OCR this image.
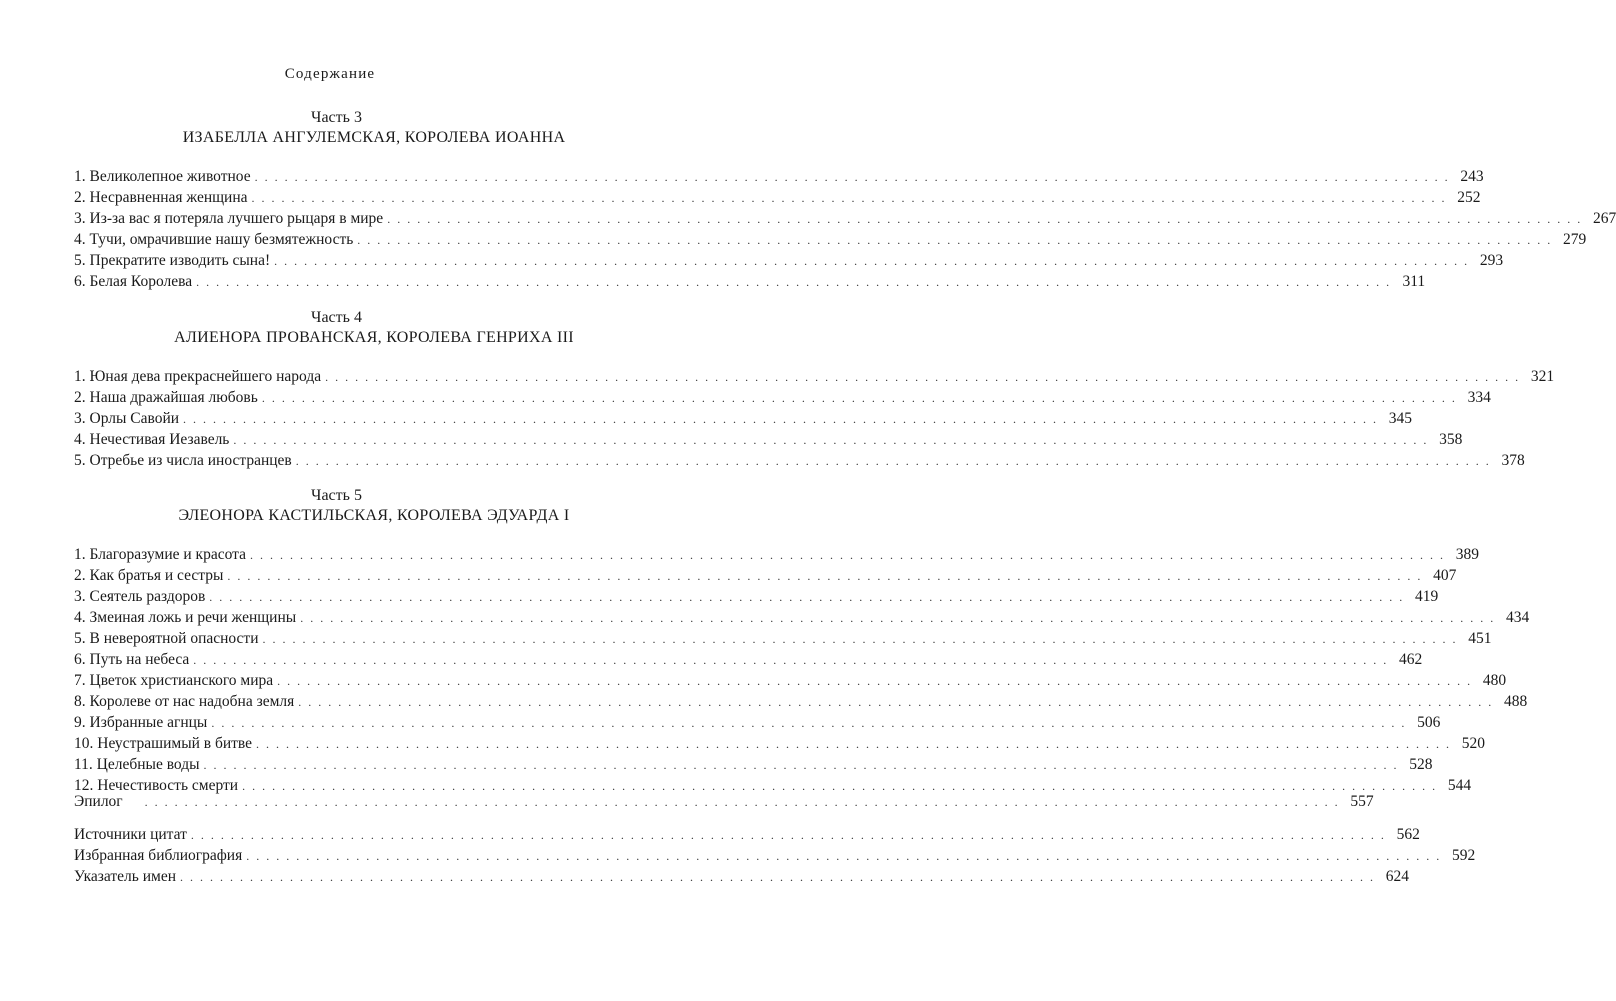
Содержание
Часть 3
ИЗАБЕЛЛА АНГУЛЕМСКАЯ, КОРОЛЕВА ИОАННА
1. Великолепное животное . . . . . . . . . . . . . . . . . . . . . . . . . . . . . . . . . . . . . . . . . . . . . . . . . . . . . . . . . . . . . . . . . . . . . . . . . . . . . . . . . . . . . . . . . . . . . . . . . . . . . . . . . . . . . . . . . . . . . . . . 243
2. Несравненная женщина . . . . . . . . . . . . . . . . . . . . . . . . . . . . . . . . . . . . . . . . . . . . . . . . . . . . . . . . . . . . . . . . . . . . . . . . . . . . . . . . . . . . . . . . . . . . . . . . . . . . . . . . . . . . . . . . . . . . . . . . 252
3. Из-за вас я потеряла лучшего рыцаря в мире . . . . . . . . . . . . . . . . . . . . . . . . . . . . . . . . . . . . . . . . . . . . . . . . . . . . . . . . . . . . . . . . . . . . . . . . . . . . . . . . . . . . . . . . . . . . . . . . . . . . . . . . . . . . . . . . . . . . . . . . 267
4. Тучи, омрачившие нашу безмятежность . . . . . . . . . . . . . . . . . . . . . . . . . . . . . . . . . . . . . . . . . . . . . . . . . . . . . . . . . . . . . . . . . . . . . . . . . . . . . . . . . . . . . . . . . . . . . . . . . . . . . . . . . . . . . . . . . . . . . . . . 279
5. Прекратите изводить сына! . . . . . . . . . . . . . . . . . . . . . . . . . . . . . . . . . . . . . . . . . . . . . . . . . . . . . . . . . . . . . . . . . . . . . . . . . . . . . . . . . . . . . . . . . . . . . . . . . . . . . . . . . . . . . . . . . . . . . . . . 293
6. Белая Королева . . . . . . . . . . . . . . . . . . . . . . . . . . . . . . . . . . . . . . . . . . . . . . . . . . . . . . . . . . . . . . . . . . . . . . . . . . . . . . . . . . . . . . . . . . . . . . . . . . . . . . . . . . . . . . . . . . . . . . . . 311
Часть 4
АЛИЕНОРА ПРОВАНСКАЯ, КОРОЛЕВА ГЕНРИХА III
1. Юная дева прекраснейшего народа . . . . . . . . . . . . . . . . . . . . . . . . . . . . . . . . . . . . . . . . . . . . . . . . . . . . . . . . . . . . . . . . . . . . . . . . . . . . . . . . . . . . . . . . . . . . . . . . . . . . . . . . . . . . . . . . . . . . . . . . 321
2. Наша дражайшая любовь . . . . . . . . . . . . . . . . . . . . . . . . . . . . . . . . . . . . . . . . . . . . . . . . . . . . . . . . . . . . . . . . . . . . . . . . . . . . . . . . . . . . . . . . . . . . . . . . . . . . . . . . . . . . . . . . . . . . . . . . 334
3. Орлы Савойи . . . . . . . . . . . . . . . . . . . . . . . . . . . . . . . . . . . . . . . . . . . . . . . . . . . . . . . . . . . . . . . . . . . . . . . . . . . . . . . . . . . . . . . . . . . . . . . . . . . . . . . . . . . . . . . . . . . . . . . . 345
4. Нечестивая Иезавель . . . . . . . . . . . . . . . . . . . . . . . . . . . . . . . . . . . . . . . . . . . . . . . . . . . . . . . . . . . . . . . . . . . . . . . . . . . . . . . . . . . . . . . . . . . . . . . . . . . . . . . . . . . . . . . . . . . . . . . . 358
5. Отребье из числа иностранцев . . . . . . . . . . . . . . . . . . . . . . . . . . . . . . . . . . . . . . . . . . . . . . . . . . . . . . . . . . . . . . . . . . . . . . . . . . . . . . . . . . . . . . . . . . . . . . . . . . . . . . . . . . . . . . . . . . . . . . . . 378
Часть 5
ЭЛЕОНОРА КАСТИЛЬСКАЯ, КОРОЛЕВА ЭДУАРДА I
1. Благоразумие и красота . . . . . . . . . . . . . . . . . . . . . . . . . . . . . . . . . . . . . . . . . . . . . . . . . . . . . . . . . . . . . . . . . . . . . . . . . . . . . . . . . . . . . . . . . . . . . . . . . . . . . . . . . . . . . . . . . . . . . . . . 389
2. Как братья и сестры . . . . . . . . . . . . . . . . . . . . . . . . . . . . . . . . . . . . . . . . . . . . . . . . . . . . . . . . . . . . . . . . . . . . . . . . . . . . . . . . . . . . . . . . . . . . . . . . . . . . . . . . . . . . . . . . . . . . . . . . 407
3. Сеятель раздоров . . . . . . . . . . . . . . . . . . . . . . . . . . . . . . . . . . . . . . . . . . . . . . . . . . . . . . . . . . . . . . . . . . . . . . . . . . . . . . . . . . . . . . . . . . . . . . . . . . . . . . . . . . . . . . . . . . . . . . . . 419
4. Змеиная ложь и речи женщины . . . . . . . . . . . . . . . . . . . . . . . . . . . . . . . . . . . . . . . . . . . . . . . . . . . . . . . . . . . . . . . . . . . . . . . . . . . . . . . . . . . . . . . . . . . . . . . . . . . . . . . . . . . . . . . . . . . . . . . . 434
5. В невероятной опасности . . . . . . . . . . . . . . . . . . . . . . . . . . . . . . . . . . . . . . . . . . . . . . . . . . . . . . . . . . . . . . . . . . . . . . . . . . . . . . . . . . . . . . . . . . . . . . . . . . . . . . . . . . . . . . . . . . . . . . . . 451
6. Путь на небеса . . . . . . . . . . . . . . . . . . . . . . . . . . . . . . . . . . . . . . . . . . . . . . . . . . . . . . . . . . . . . . . . . . . . . . . . . . . . . . . . . . . . . . . . . . . . . . . . . . . . . . . . . . . . . . . . . . . . . . . . 462
7. Цветок христианского мира . . . . . . . . . . . . . . . . . . . . . . . . . . . . . . . . . . . . . . . . . . . . . . . . . . . . . . . . . . . . . . . . . . . . . . . . . . . . . . . . . . . . . . . . . . . . . . . . . . . . . . . . . . . . . . . . . . . . . . . . 480
8. Королеве от нас надобна земля . . . . . . . . . . . . . . . . . . . . . . . . . . . . . . . . . . . . . . . . . . . . . . . . . . . . . . . . . . . . . . . . . . . . . . . . . . . . . . . . . . . . . . . . . . . . . . . . . . . . . . . . . . . . . . . . . . . . . . . . 488
9. Избранные агнцы . . . . . . . . . . . . . . . . . . . . . . . . . . . . . . . . . . . . . . . . . . . . . . . . . . . . . . . . . . . . . . . . . . . . . . . . . . . . . . . . . . . . . . . . . . . . . . . . . . . . . . . . . . . . . . . . . . . . . . . . 506
10. Неустрашимый в битве . . . . . . . . . . . . . . . . . . . . . . . . . . . . . . . . . . . . . . . . . . . . . . . . . . . . . . . . . . . . . . . . . . . . . . . . . . . . . . . . . . . . . . . . . . . . . . . . . . . . . . . . . . . . . . . . . . . . . . . . 520
11. Целебные воды . . . . . . . . . . . . . . . . . . . . . . . . . . . . . . . . . . . . . . . . . . . . . . . . . . . . . . . . . . . . . . . . . . . . . . . . . . . . . . . . . . . . . . . . . . . . . . . . . . . . . . . . . . . . . . . . . . . . . . . . 528
12. Нечестивость смерти . . . . . . . . . . . . . . . . . . . . . . . . . . . . . . . . . . . . . . . . . . . . . . . . . . . . . . . . . . . . . . . . . . . . . . . . . . . . . . . . . . . . . . . . . . . . . . . . . . . . . . . . . . . . . . . . . . . . . . . . 544
Эпилог	. . . . . . . . . . . . . . . . . . . . . . . . . . . . . . . . . . . . . . . . . . . . . . . . . . . . . . . . . . . . . . . . . . . . . . . . . . . . . . . . . . . . . . . . . . . . . . . . . . . . . . . . . . . . . . . . . . . . . . . . 557
Источники цитат . . . . . . . . . . . . . . . . . . . . . . . . . . . . . . . . . . . . . . . . . . . . . . . . . . . . . . . . . . . . . . . . . . . . . . . . . . . . . . . . . . . . . . . . . . . . . . . . . . . . . . . . . . . . . . . . . . . . . . . . 562
Избранная библиография . . . . . . . . . . . . . . . . . . . . . . . . . . . . . . . . . . . . . . . . . . . . . . . . . . . . . . . . . . . . . . . . . . . . . . . . . . . . . . . . . . . . . . . . . . . . . . . . . . . . . . . . . . . . . . . . . . . . . . . . 592
Указатель имен . . . . . . . . . . . . . . . . . . . . . . . . . . . . . . . . . . . . . . . . . . . . . . . . . . . . . . . . . . . . . . . . . . . . . . . . . . . . . . . . . . . . . . . . . . . . . . . . . . . . . . . . . . . . . . . . . . . . . . . . 624
